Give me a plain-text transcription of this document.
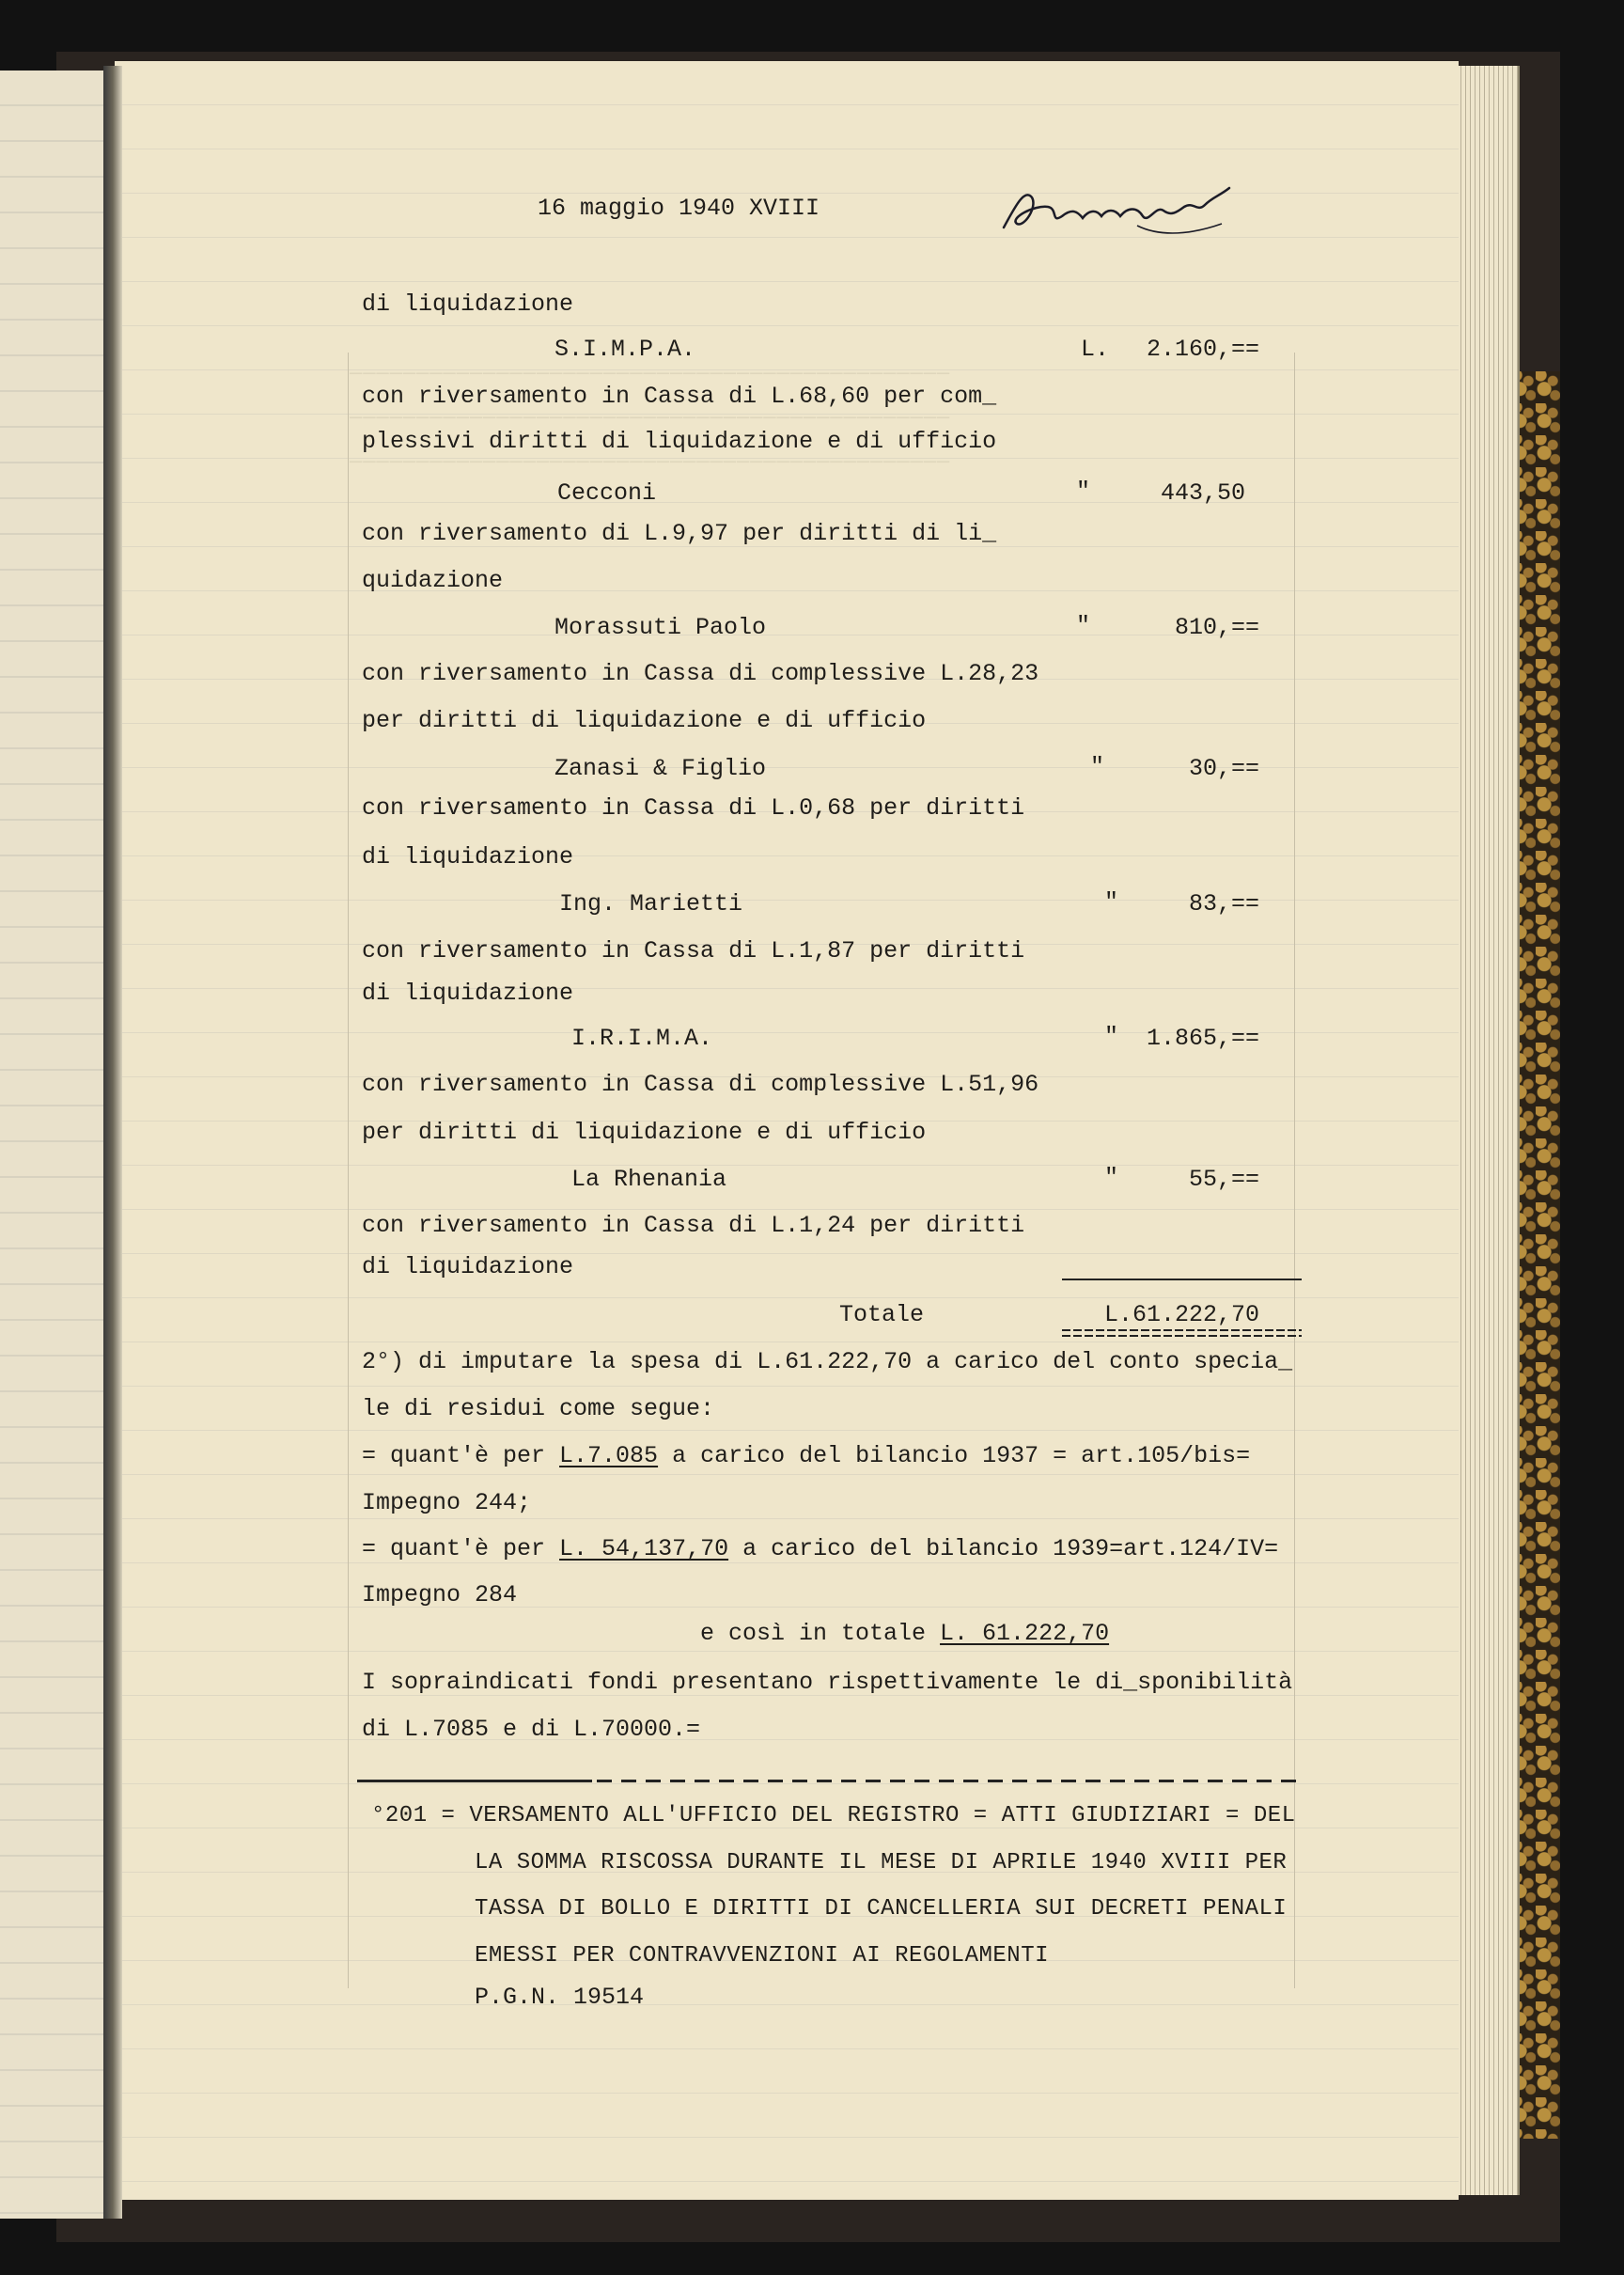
─────────────────────────────────────────────
─────────────────────────────────────────────
─────────────────────────────────────────────
16 maggio 1940 XVIII
di liquidazione
S.I.M.P.A.	L.	2.160,==
con riversamento in Cassa di L.68,60 per com_
plessivi diritti di liquidazione e di ufficio
Cecconi	"	443,50
con riversamento di L.9,97 per diritti di li_
quidazione
Morassuti Paolo	"	810,==
con riversamento in Cassa di complessive L.28,23
per diritti di liquidazione e di ufficio
Zanasi & Figlio	"	30,==
con riversamento in Cassa di L.0,68 per diritti
di liquidazione
Ing. Marietti	"	83,==
con riversamento in Cassa di L.1,87 per diritti
di liquidazione
I.R.I.M.A.	"	1.865,==
con riversamento in Cassa di complessive L.51,96
per diritti di liquidazione e di ufficio
La Rhenania	"	55,==
con riversamento in Cassa di L.1,24 per diritti
di liquidazione
Totale	L.61.222,70
2°) di imputare la spesa di L.61.222,70 a carico del conto specia_
le di residui come segue:
= quant'è per L.7.085 a carico del bilancio 1937 = art.105/bis=
Impegno 244;
= quant'è per L. 54,137,70 a carico del bilancio 1939=art.124/IV=
Impegno 284
e così in totale L. 61.222,70
I sopraindicati fondi presentano rispettivamente le di_sponibilità
di L.7085 e di L.70000.=
°201 = VERSAMENTO ALL'UFFICIO DEL REGISTRO = ATTI GIUDIZIARI = DEL
LA SOMMA RISCOSSA DURANTE IL MESE DI APRILE 1940 XVIII PER
TASSA DI BOLLO E DIRITTI DI CANCELLERIA SUI DECRETI PENALI
EMESSI PER CONTRAVVENZIONI AI REGOLAMENTI
P.G.N. 19514
